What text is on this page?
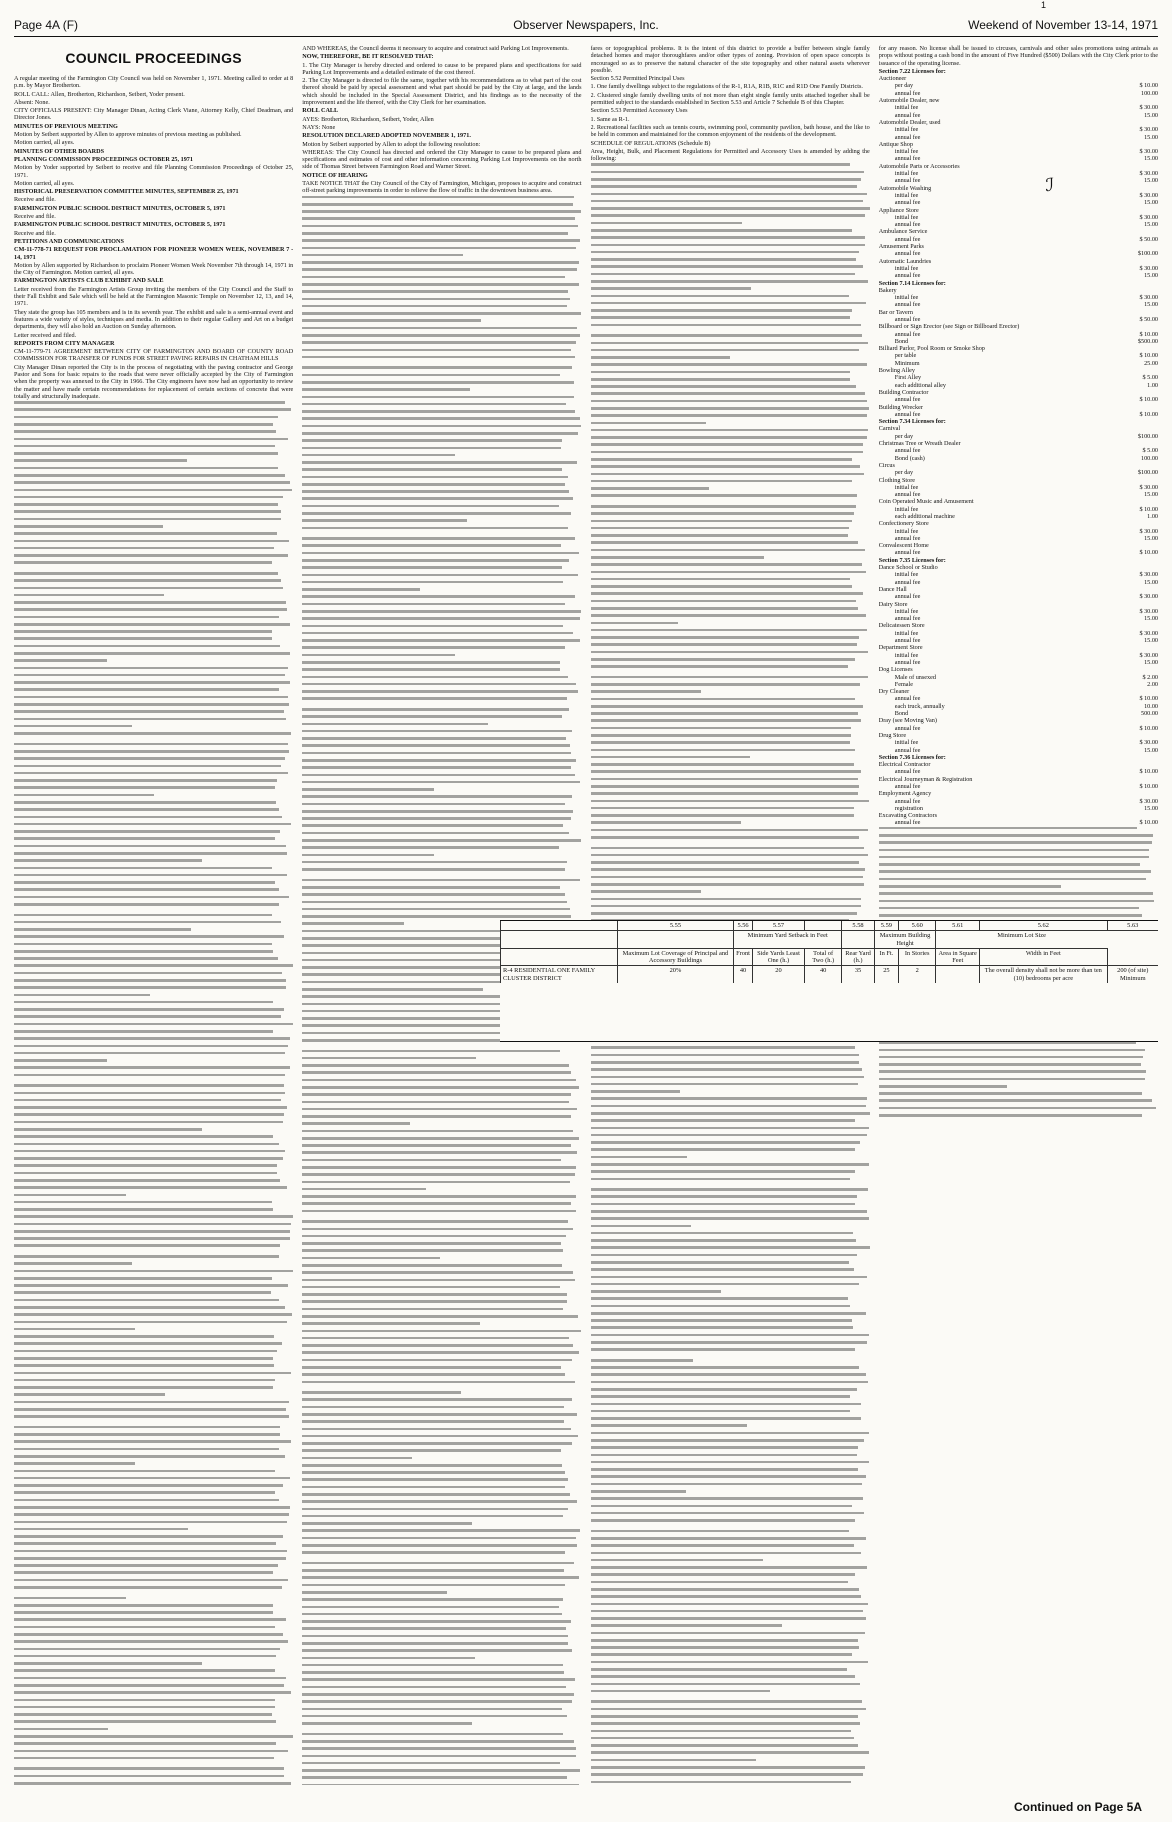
1
Page 4A (F)	Observer Newspapers, Inc.	Weekend of November 13-14, 1971
COUNCIL PROCEEDINGS

A regular meeting of the Farmington City Council was held on November 1, 1971. Meeting called to order at 8 p.m. by Mayor Brotherton.

ROLL CALL: Allen, Brotherton, Richardson, Seibert, Yoder present.

Absent: None.

CITY OFFICIALS PRESENT: City Manager Dinan, Acting Clerk Viane, Attorney Kelly, Chief Deadman, and Director Jones.

MINUTES OF PREVIOUS MEETING

Motion by Seibert supported by Allen to approve minutes of previous meeting as published.

Motion carried, all ayes.

MINUTES OF OTHER BOARDS

PLANNING COMMISSION PROCEEDINGS OCTOBER 25, 1971

Motion by Yoder supported by Seibert to receive and file Planning Commission Proceedings of October 25, 1971.

Motion carried, all ayes.

HISTORICAL PRESERVATION COMMITTEE MINUTES, SEPTEMBER 25, 1971

Receive and file.

FARMINGTON PUBLIC SCHOOL DISTRICT MINUTES, OCTOBER 5, 1971

Receive and file.

FARMINGTON PUBLIC SCHOOL DISTRICT MINUTES, OCTOBER 5, 1971

Receive and file.

PETITIONS AND COMMUNICATIONS

CM-11-778-71 REQUEST FOR PROCLAMATION FOR PIONEER WOMEN WEEK, NOVEMBER 7 - 14, 1971

Motion by Allen supported by Richardson to proclaim Pioneer Women Week November 7th through 14, 1971 in the City of Farmington. Motion carried, all ayes.

FARMINGTON ARTISTS CLUB EXHIBIT AND SALE

Letter received from the Farmington Artists Group inviting the members of the City Council and the Staff to their Fall Exhibit and Sale which will be held at the Farmington Masonic Temple on November 12, 13, and 14, 1971.

They state the group has 105 members and is in its seventh year. The exhibit and sale is a semi-annual event and features a wide variety of styles, techniques and media. In addition to their regular Gallery and Art on a budget departments, they will also hold an Auction on Sunday afternoon.

Letter received and filed.

REPORTS FROM CITY MANAGER

CM-11-779-71 AGREEMENT BETWEEN CITY OF FARMINGTON AND BOARD OF COUNTY ROAD COMMISSION FOR TRANSFER OF FUNDS FOR STREET PAVING REPAIRS IN CHATHAM HILLS

City Manager Dinan reported the City is in the process of negotiating with the paving contractor and George Pastor and Sons for basic repairs to the roads that were never officially accepted by the City of Farmington when the property was annexed to the City in 1966. The City engineers have now had an opportunity to review the matter and have made certain recommendations for replacement of certain sections of concrete that were totally and structurally inadequate.

AND WHEREAS, the Council deems it necessary to acquire and construct said Parking Lot Improvements.

NOW, THEREFORE, BE IT RESOLVED THAT:

1. The City Manager is hereby directed and ordered to cause to be prepared plans and specifications for said Parking Lot Improvements and a detailed estimate of the cost thereof.

2. The City Manager is directed to file the same, together with his recommendations as to what part of the cost thereof should be paid by special assessment and what part should be paid by the City at large, and the lands which should be included in the Special Assessment District, and his findings as to the necessity of the improvement and the life thereof, with the City Clerk for her examination.

ROLL CALL

AYES: Brotherton, Richardson, Seibert, Yoder, Allen

NAYS: None

RESOLUTION DECLARED ADOPTED NOVEMBER 1, 1971.

Motion by Seibert supported by Allen to adopt the following resolution:

WHEREAS: The City Council has directed and ordered the City Manager to cause to be prepared plans and specifications and estimates of cost and other information concerning Parking Lot Improvements on the north side of Thomas Street between Farmington Road and Warner Street.

NOTICE OF HEARING

TAKE NOTICE THAT the City Council of the City of Farmington, Michigan, proposes to acquire and construct off-street parking improvements in order to relieve the flow of traffic in the downtown business area.

fares or topographical problems. It is the intent of this district to provide a buffer between single family detached homes and major thoroughfares and/or other types of zoning. Provision of open space concepts is encouraged so as to preserve the natural character of the site topography and other natural assets wherever possible.

Section 5.52 Permitted Principal Uses

1. One family dwellings subject to the regulations of the R-1, R1A, R1B, R1C and R1D One Family Districts.

2. Clustered single family dwelling units of not more than eight single family units attached together shall be permitted subject to the standards established in Section 5.53 and Article 7 Schedule B of this Chapter.

Section 5.53 Permitted Accessory Uses

1. Same as R-1.

2. Recreational facilities such as tennis courts, swimming pool, community pavilion, bath house, and the like to be held in common and maintained for the common enjoyment of the residents of the development.

SCHEDULE OF REGULATIONS (Schedule B)

Area, Height, Bulk, and Placement Regulations for Permitted and Accessory Uses is amended by adding the following:

for any reason. No license shall be issued to circuses, carnivals and other sales promotions using animals as props without posting a cash bond in the amount of Five Hundred ($500) Dollars with the City Clerk prior to the issuance of the operating license.

Section 7.22 Licenses for:
Auctioneer
per day	$ 10.00
annual fee	100.00
Automobile Dealer, new
initial fee	$ 30.00
annual fee	15.00
Automobile Dealer, used
initial fee	$ 30.00
annual fee	15.00
Antique Shop
initial fee	$ 30.00
annual fee	15.00
Automobile Parts or Accessories
initial fee	$ 30.00
annual fee	15.00
Automobile Washing
initial fee	$ 30.00
annual fee	15.00
Appliance Store
initial fee	$ 30.00
annual fee	15.00
Ambulance Service
annual fee	$ 50.00
Amusement Parks
annual fee	$100.00
Automatic Laundries
initial fee	$ 30.00
annual fee	15.00
Section 7.14 Licenses for:
Bakery
initial fee	$ 30.00
annual fee	15.00
Bar or Tavern
annual fee	$ 50.00
Billboard or Sign Erector (see Sign or Billboard Erector)
annual fee	$ 10.00
Bond	$500.00
Billiard Parlor, Pool Room or Smoke Shop
per table	$ 10.00
Minimum	25.00
Bowling Alley
First Alley	$ 5.00
each additional alley	1.00
Building Contractor
annual fee	$ 10.00
Building Wrecker
annual fee	$ 10.00
Section 7.34 Licenses for:
Carnival
per day	$100.00
Christmas Tree or Wreath Dealer
annual fee	$ 5.00
Bond (cash)	100.00
Circus
per day	$100.00
Clothing Store
initial fee	$ 30.00
annual fee	15.00
Coin Operated Music and Amusement
initial fee	$ 10.00
each additional machine	1.00
Confectionery Store
initial fee	$ 30.00
annual fee	15.00
Convalescent Home
annual fee	$ 10.00
Section 7.35 Licenses for:
Dance School or Studio
initial fee	$ 30.00
annual fee	15.00
Dance Hall
annual fee	$ 30.00
Dairy Store
initial fee	$ 30.00
annual fee	15.00
Delicatessen Store
initial fee	$ 30.00
annual fee	15.00
Department Store
initial fee	$ 30.00
annual fee	15.00
Dog Licenses
Male of unsexed	$ 2.00
Female	2.00
Dry Cleaner
annual fee	$ 10.00
each truck, annually	10.00
Bond	500.00
Dray (see Moving Van)
annual fee	$ 10.00
Drug Store
initial fee	$ 30.00
annual fee	15.00
Section 7.36 Licenses for:
Electrical Contractor
annual fee	$ 10.00
Electrical Journeyman & Registration
annual fee	$ 10.00
Employment Agency
annual fee	$ 30.00
registration	15.00
Excavating Contractors
annual fee	$ 10.00
	5.55	5.56	5.57		5.58	5.59	5.60	5.61	5.62	5.63
		Minimum Yard Setback in Feet				Maximum Building Height		Minimum Lot Size		
	Maximum Lot Coverage of Principal and Accessory Buildings	Front	Side Yards Least One (h.)	Total of Two (h.)	Rear Yard (h.)	In Ft.	In Stories	Area in Square Feet	Width in Feet	
R-4 RESIDENTIAL ONE FAMILY CLUSTER DISTRICT	20%	40	20	40	35	25	2		The overall density shall not be more than ten (10) bedrooms per acre	200 (of site) Minimum
ℐ
Continued on Page 5A
